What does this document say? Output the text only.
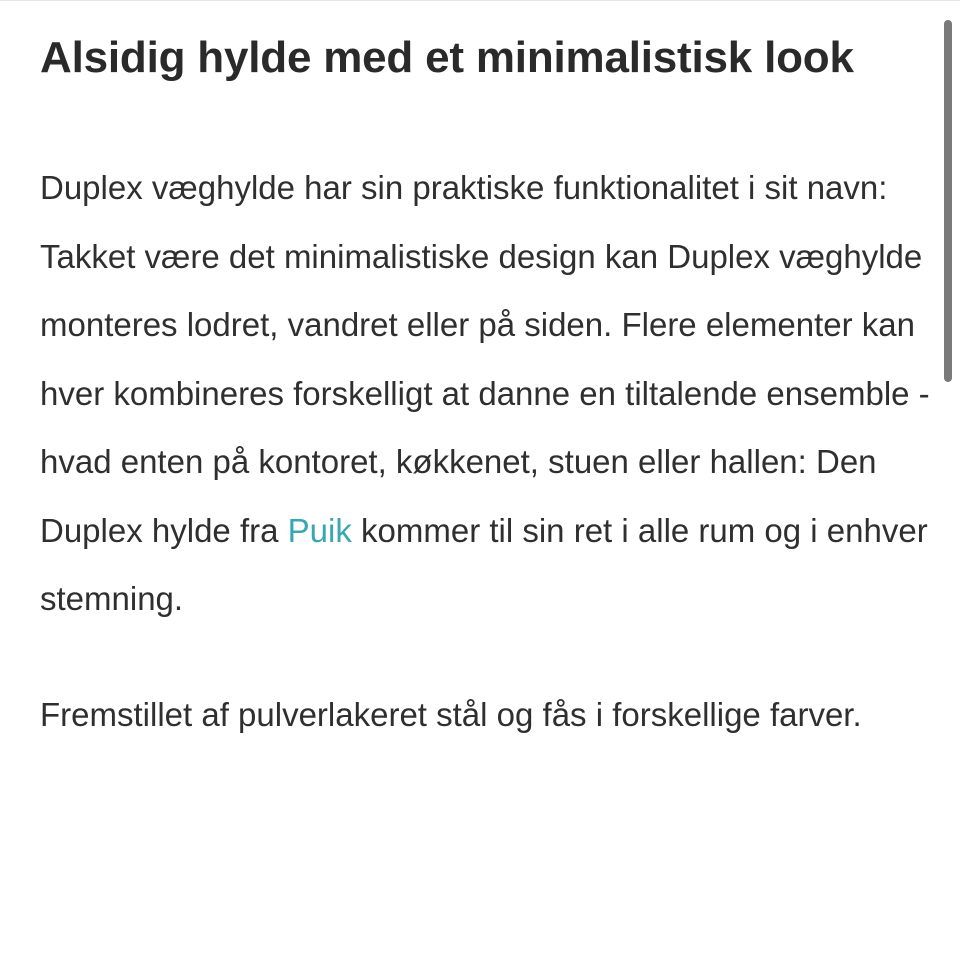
Alsidig hylde med et minimalistisk look

Duplex væghylde har sin praktiske funktionalitet i sit navn: Takket være det minimalistiske design kan Duplex væghylde monteres lodret, vandret eller på siden. Flere elementer kan hver kombineres forskelligt at danne en tiltalende ensemble - hvad enten på kontoret, køkkenet, stuen eller hallen: Den Duplex hylde fra Puik kommer til sin ret i alle rum og i enhver stemning.

Fremstillet af pulverlakeret stål og fås i forskellige farver.
